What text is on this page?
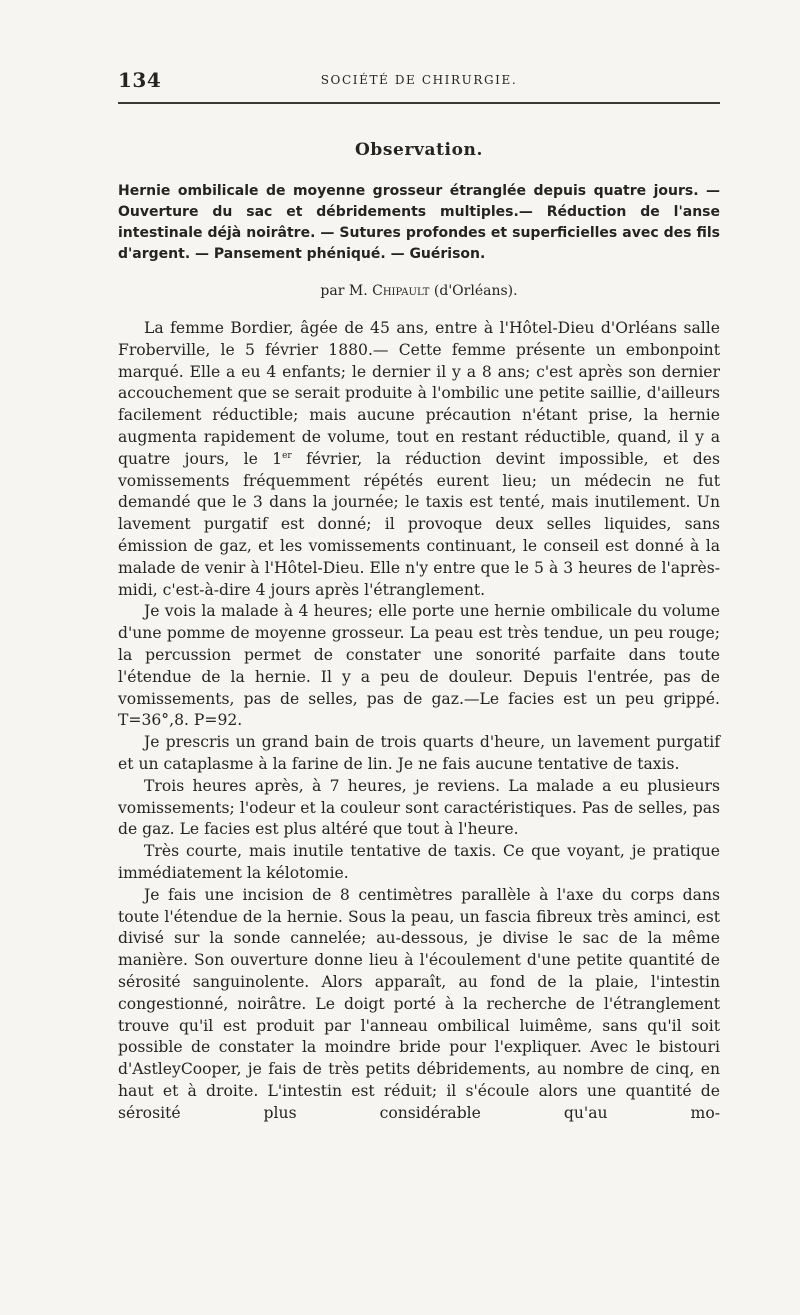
134	SOCIÉTÉ DE CHIRURGIE.
Observation.
Hernie ombilicale de moyenne grosseur étranglée depuis quatre jours. — Ouverture du sac et débridements multiples.— Réduction de l'anse intestinale déjà noirâtre. — Sutures profondes et superficielles avec des fils d'argent. — Pansement phéniqué. — Guérison.
par M. Chipault (d'Orléans).

La femme Bordier, âgée de 45 ans, entre à l'Hôtel-Dieu d'Orléans salle Froberville, le 5 février 1880.— Cette femme présente un embonpoint marqué. Elle a eu 4 enfants; le dernier il y a 8 ans; c'est après son dernier accouchement que se serait produite à l'ombilic une petite saillie, d'ailleurs facilement réductible; mais aucune précaution n'étant prise, la hernie augmenta rapidement de volume, tout en restant réductible, quand, il y a quatre jours, le 1er février, la réduction devint impossible, et des vomissements fréquemment répétés eurent lieu; un médecin ne fut demandé que le 3 dans la journée; le taxis est tenté, mais inutilement. Un lavement purgatif est donné; il provoque deux selles liquides, sans émission de gaz, et les vomissements continuant, le conseil est donné à la malade de venir à l'Hôtel-Dieu. Elle n'y entre que le 5 à 3 heures de l'après-midi, c'est-à-dire 4 jours après l'étranglement.

Je vois la malade à 4 heures; elle porte une hernie ombilicale du volume d'une pomme de moyenne grosseur. La peau est très tendue, un peu rouge; la percussion permet de constater une sonorité parfaite dans toute l'étendue de la hernie. Il y a peu de douleur. Depuis l'entrée, pas de vomissements, pas de selles, pas de gaz.—Le facies est un peu grippé. T=36°,8. P=92.

Je prescris un grand bain de trois quarts d'heure, un lavement purgatif et un cataplasme à la farine de lin. Je ne fais aucune tentative de taxis.

Trois heures après, à 7 heures, je reviens. La malade a eu plusieurs vomissements; l'odeur et la couleur sont caractéristiques. Pas de selles, pas de gaz. Le facies est plus altéré que tout à l'heure.

Très courte, mais inutile tentative de taxis. Ce que voyant, je pratique immédiatement la kélotomie.

Je fais une incision de 8 centimètres parallèle à l'axe du corps dans toute l'étendue de la hernie. Sous la peau, un fascia fibreux très aminci, est divisé sur la sonde cannelée; au-dessous, je divise le sac de la même manière. Son ouverture donne lieu à l'écoulement d'une petite quantité de sérosité sanguinolente. Alors apparaît, au fond de la plaie, l'intestin congestionné, noirâtre. Le doigt porté à la recherche de l'étranglement trouve qu'il est produit par l'anneau ombilical luimême, sans qu'il soit possible de constater la moindre bride pour l'expliquer. Avec le bistouri d'AstleyCooper, je fais de très petits débridements, au nombre de cinq, en haut et à droite. L'intestin est réduit; il s'écoule alors une quantité de sérosité plus considérable qu'au mo-
